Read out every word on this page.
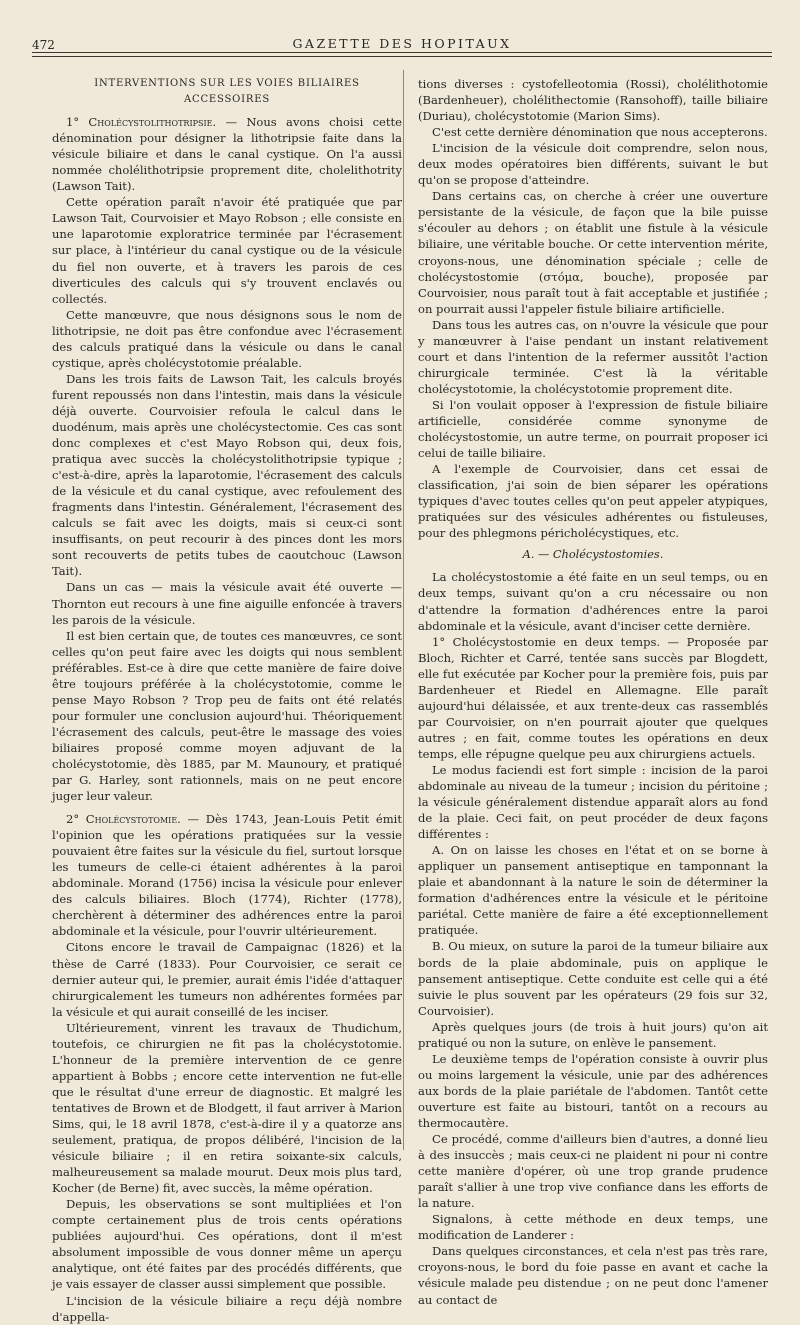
472	GAZETTE DES HOPITAUX
INTERVENTIONS SUR LES VOIES BILIAIRES ACCESSOIRES

1° Cholécystolithotripsie. — Nous avons choisi cette dénomination pour désigner la lithotripsie faite dans la vésicule biliaire et dans le canal cystique. On l'a aussi nommée cholélithotripsie proprement dite, cholelithotrity (Lawson Tait).

Cette opération paraît n'avoir été pratiquée que par Lawson Tait, Courvoisier et Mayo Robson ; elle consiste en une laparotomie exploratrice terminée par l'écrasement sur place, à l'intérieur du canal cystique ou de la vésicule du fiel non ouverte, et à travers les parois de ces diverticules des calculs qui s'y trouvent enclavés ou collectés.

Cette manœuvre, que nous désignons sous le nom de lithotripsie, ne doit pas être confondue avec l'écrasement des calculs pratiqué dans la vésicule ou dans le canal cystique, après cholécystotomie préalable.

Dans les trois faits de Lawson Tait, les calculs broyés furent repoussés non dans l'intestin, mais dans la vésicule déjà ouverte. Courvoisier refoula le calcul dans le duodénum, mais après une cholécystectomie. Ces cas sont donc complexes et c'est Mayo Robson qui, deux fois, pratiqua avec succès la cholécystolithotripsie typique ; c'est-à-dire, après la laparotomie, l'écrasement des calculs de la vésicule et du canal cystique, avec refoulement des fragments dans l'intestin. Généralement, l'écrasement des calculs se fait avec les doigts, mais si ceux-ci sont insuffisants, on peut recourir à des pinces dont les mors sont recouverts de petits tubes de caoutchouc (Lawson Tait).

Dans un cas — mais la vésicule avait été ouverte — Thornton eut recours à une fine aiguille enfoncée à travers les parois de la vésicule.

Il est bien certain que, de toutes ces manœuvres, ce sont celles qu'on peut faire avec les doigts qui nous semblent préférables. Est-ce à dire que cette manière de faire doive être toujours préférée à la cholécystotomie, comme le pense Mayo Robson ? Trop peu de faits ont été relatés pour formuler une conclusion aujourd'hui. Théoriquement l'écrasement des calculs, peut-être le massage des voies biliaires proposé comme moyen adjuvant de la cholécystotomie, dès 1885, par M. Maunoury, et pratiqué par G. Harley, sont rationnels, mais on ne peut encore juger leur valeur.

2° Cholécystotomie. — Dès 1743, Jean-Louis Petit émit l'opinion que les opérations pratiquées sur la vessie pouvaient être faites sur la vésicule du fiel, surtout lorsque les tumeurs de celle-ci étaient adhérentes à la paroi abdominale. Morand (1756) incisa la vésicule pour enlever des calculs biliaires. Bloch (1774), Richter (1778), cherchèrent à déterminer des adhérences entre la paroi abdominale et la vésicule, pour l'ouvrir ultérieurement.

Citons encore le travail de Campaignac (1826) et la thèse de Carré (1833). Pour Courvoisier, ce serait ce dernier auteur qui, le premier, aurait émis l'idée d'attaquer chirurgicalement les tumeurs non adhérentes formées par la vésicule et qui aurait conseillé de les inciser.

Ultérieurement, vinrent les travaux de Thudichum, toutefois, ce chirurgien ne fit pas la cholécystotomie. L'honneur de la première intervention de ce genre appartient à Bobbs ; encore cette intervention ne fut-elle que le résultat d'une erreur de diagnostic. Et malgré les tentatives de Brown et de Blodgett, il faut arriver à Marion Sims, qui, le 18 avril 1878, c'est-à-dire il y a quatorze ans seulement, pratiqua, de propos délibéré, l'incision de la vésicule biliaire ; il en retira soixante-six calculs, malheureusement sa malade mourut. Deux mois plus tard, Kocher (de Berne) fit, avec succès, la même opération.

Depuis, les observations se sont multipliées et l'on compte certainement plus de trois cents opérations publiées aujourd'hui. Ces opérations, dont il m'est absolument impossible de vous donner même un aperçu analytique, ont été faites par des procédés différents, que je vais essayer de classer aussi simplement que possible.

L'incision de la vésicule biliaire a reçu déjà nombre d'appella-

tions diverses : cystofelleotomia (Rossi), cholélithotomie (Bardenheuer), cholélithectomie (Ransohoff), taille biliaire (Duriau), cholécystotomie (Marion Sims).

C'est cette dernière dénomination que nous accepterons.

L'incision de la vésicule doit comprendre, selon nous, deux modes opératoires bien différents, suivant le but qu'on se propose d'atteindre.

Dans certains cas, on cherche à créer une ouverture persistante de la vésicule, de façon que la bile puisse s'écouler au dehors ; on établit une fistule à la vésicule biliaire, une véritable bouche. Or cette intervention mérite, croyons-nous, une dénomination spéciale ; celle de cholécystostomie (στόμα, bouche), proposée par Courvoisier, nous paraît tout à fait acceptable et justifiée ; on pourrait aussi l'appeler fistule biliaire artificielle.

Dans tous les autres cas, on n'ouvre la vésicule que pour y manœuvrer à l'aise pendant un instant relativement court et dans l'intention de la refermer aussitôt l'action chirurgicale terminée. C'est là la véritable cholécystotomie, la cholécystotomie proprement dite.

Si l'on voulait opposer à l'expression de fistule biliaire artificielle, considérée comme synonyme de cholécystostomie, un autre terme, on pourrait proposer ici celui de taille biliaire.

A l'exemple de Courvoisier, dans cet essai de classification, j'ai soin de bien séparer les opérations typiques d'avec toutes celles qu'on peut appeler atypiques, pratiquées sur des vésicules adhérentes ou fistuleuses, pour des phlegmons péricholécystiques, etc.

A. — Cholécystostomies.

La cholécystostomie a été faite en un seul temps, ou en deux temps, suivant qu'on a cru nécessaire ou non d'attendre la formation d'adhérences entre la paroi abdominale et la vésicule, avant d'inciser cette dernière.

1° Cholécystostomie en deux temps. — Proposée par Bloch, Richter et Carré, tentée sans succès par Blogdett, elle fut exécutée par Kocher pour la première fois, puis par Bardenheuer et Riedel en Allemagne. Elle paraît aujourd'hui délaissée, et aux trente-deux cas rassemblés par Courvoisier, on n'en pourrait ajouter que quelques autres ; en fait, comme toutes les opérations en deux temps, elle répugne quelque peu aux chirurgiens actuels.

Le modus faciendi est fort simple : incision de la paroi abdominale au niveau de la tumeur ; incision du péritoine ; la vésicule généralement distendue apparaît alors au fond de la plaie. Ceci fait, on peut procéder de deux façons différentes :

A. On on laisse les choses en l'état et on se borne à appliquer un pansement antiseptique en tamponnant la plaie et abandonnant à la nature le soin de déterminer la formation d'adhérences entre la vésicule et le péritoine pariétal. Cette manière de faire a été exceptionnellement pratiquée.

B. Ou mieux, on suture la paroi de la tumeur biliaire aux bords de la plaie abdominale, puis on applique le pansement antiseptique. Cette conduite est celle qui a été suivie le plus souvent par les opérateurs (29 fois sur 32, Courvoisier).

Après quelques jours (de trois à huit jours) qu'on ait pratiqué ou non la suture, on enlève le pansement.

Le deuxième temps de l'opération consiste à ouvrir plus ou moins largement la vésicule, unie par des adhérences aux bords de la plaie pariétale de l'abdomen. Tantôt cette ouverture est faite au bistouri, tantôt on a recours au thermocautère.

Ce procédé, comme d'ailleurs bien d'autres, a donné lieu à des insuccès ; mais ceux-ci ne plaident ni pour ni contre cette manière d'opérer, où une trop grande prudence paraît s'allier à une trop vive confiance dans les efforts de la nature.

Signalons, à cette méthode en deux temps, une modification de Landerer :

Dans quelques circonstances, et cela n'est pas très rare, croyons-nous, le bord du foie passe en avant et cache la vésicule malade peu distendue ; on ne peut donc l'amener au contact de
